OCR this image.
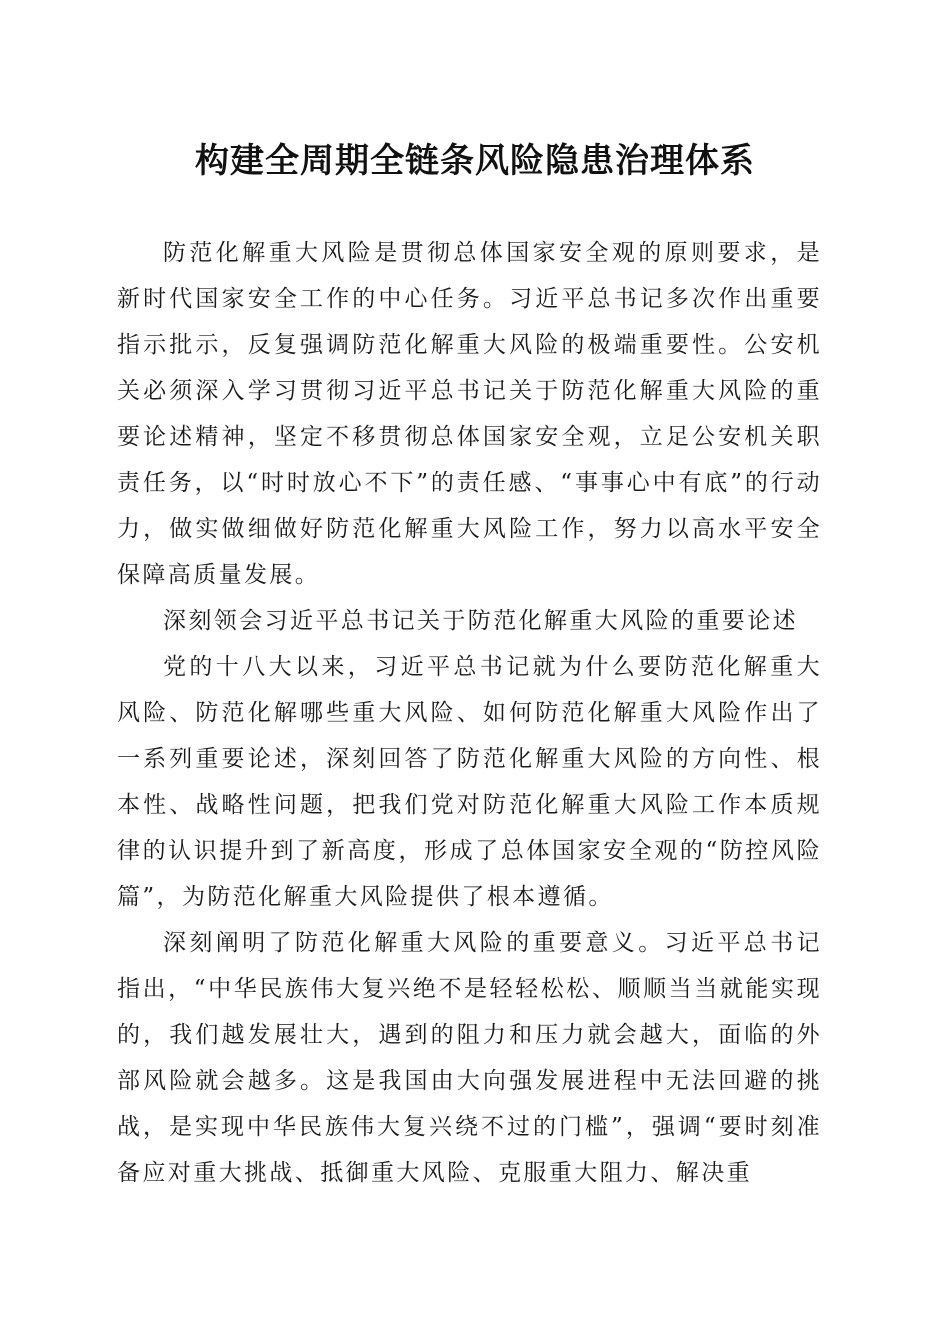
构建全周期全链条风险隐患治理体系

防范化解重大风险是贯彻总体国家安全观的原则要求，是新时代国家安全工作的中心任务。习近平总书记多次作出重要指示批示，反复强调防范化解重大风险的极端重要性。公安机关必须深入学习贯彻习近平总书记关于防范化解重大风险的重要论述精神，坚定不移贯彻总体国家安全观，立足公安机关职责任务，以“时时放心不下”的责任感、“事事心中有底”的行动力，做实做细做好防范化解重大风险工作，努力以高水平安全保障高质量发展。

深刻领会习近平总书记关于防范化解重大风险的重要论述

党的十八大以来，习近平总书记就为什么要防范化解重大风险、防范化解哪些重大风险、如何防范化解重大风险作出了一系列重要论述，深刻回答了防范化解重大风险的方向性、根本性、战略性问题，把我们党对防范化解重大风险工作本质规律的认识提升到了新高度，形成了总体国家安全观的“防控风险篇”，为防范化解重大风险提供了根本遵循。

深刻阐明了防范化解重大风险的重要意义。习近平总书记指出，“中华民族伟大复兴绝不是轻轻松松、顺顺当当就能实现的，我们越发展壮大，遇到的阻力和压力就会越大，面临的外部风险就会越多。这是我国由大向强发展进程中无法回避的挑战，是实现中华民族伟大复兴绕不过的门槛”，强调“要时刻准备应对重大挑战、抵御重大风险、克服重大阻力、解决重
